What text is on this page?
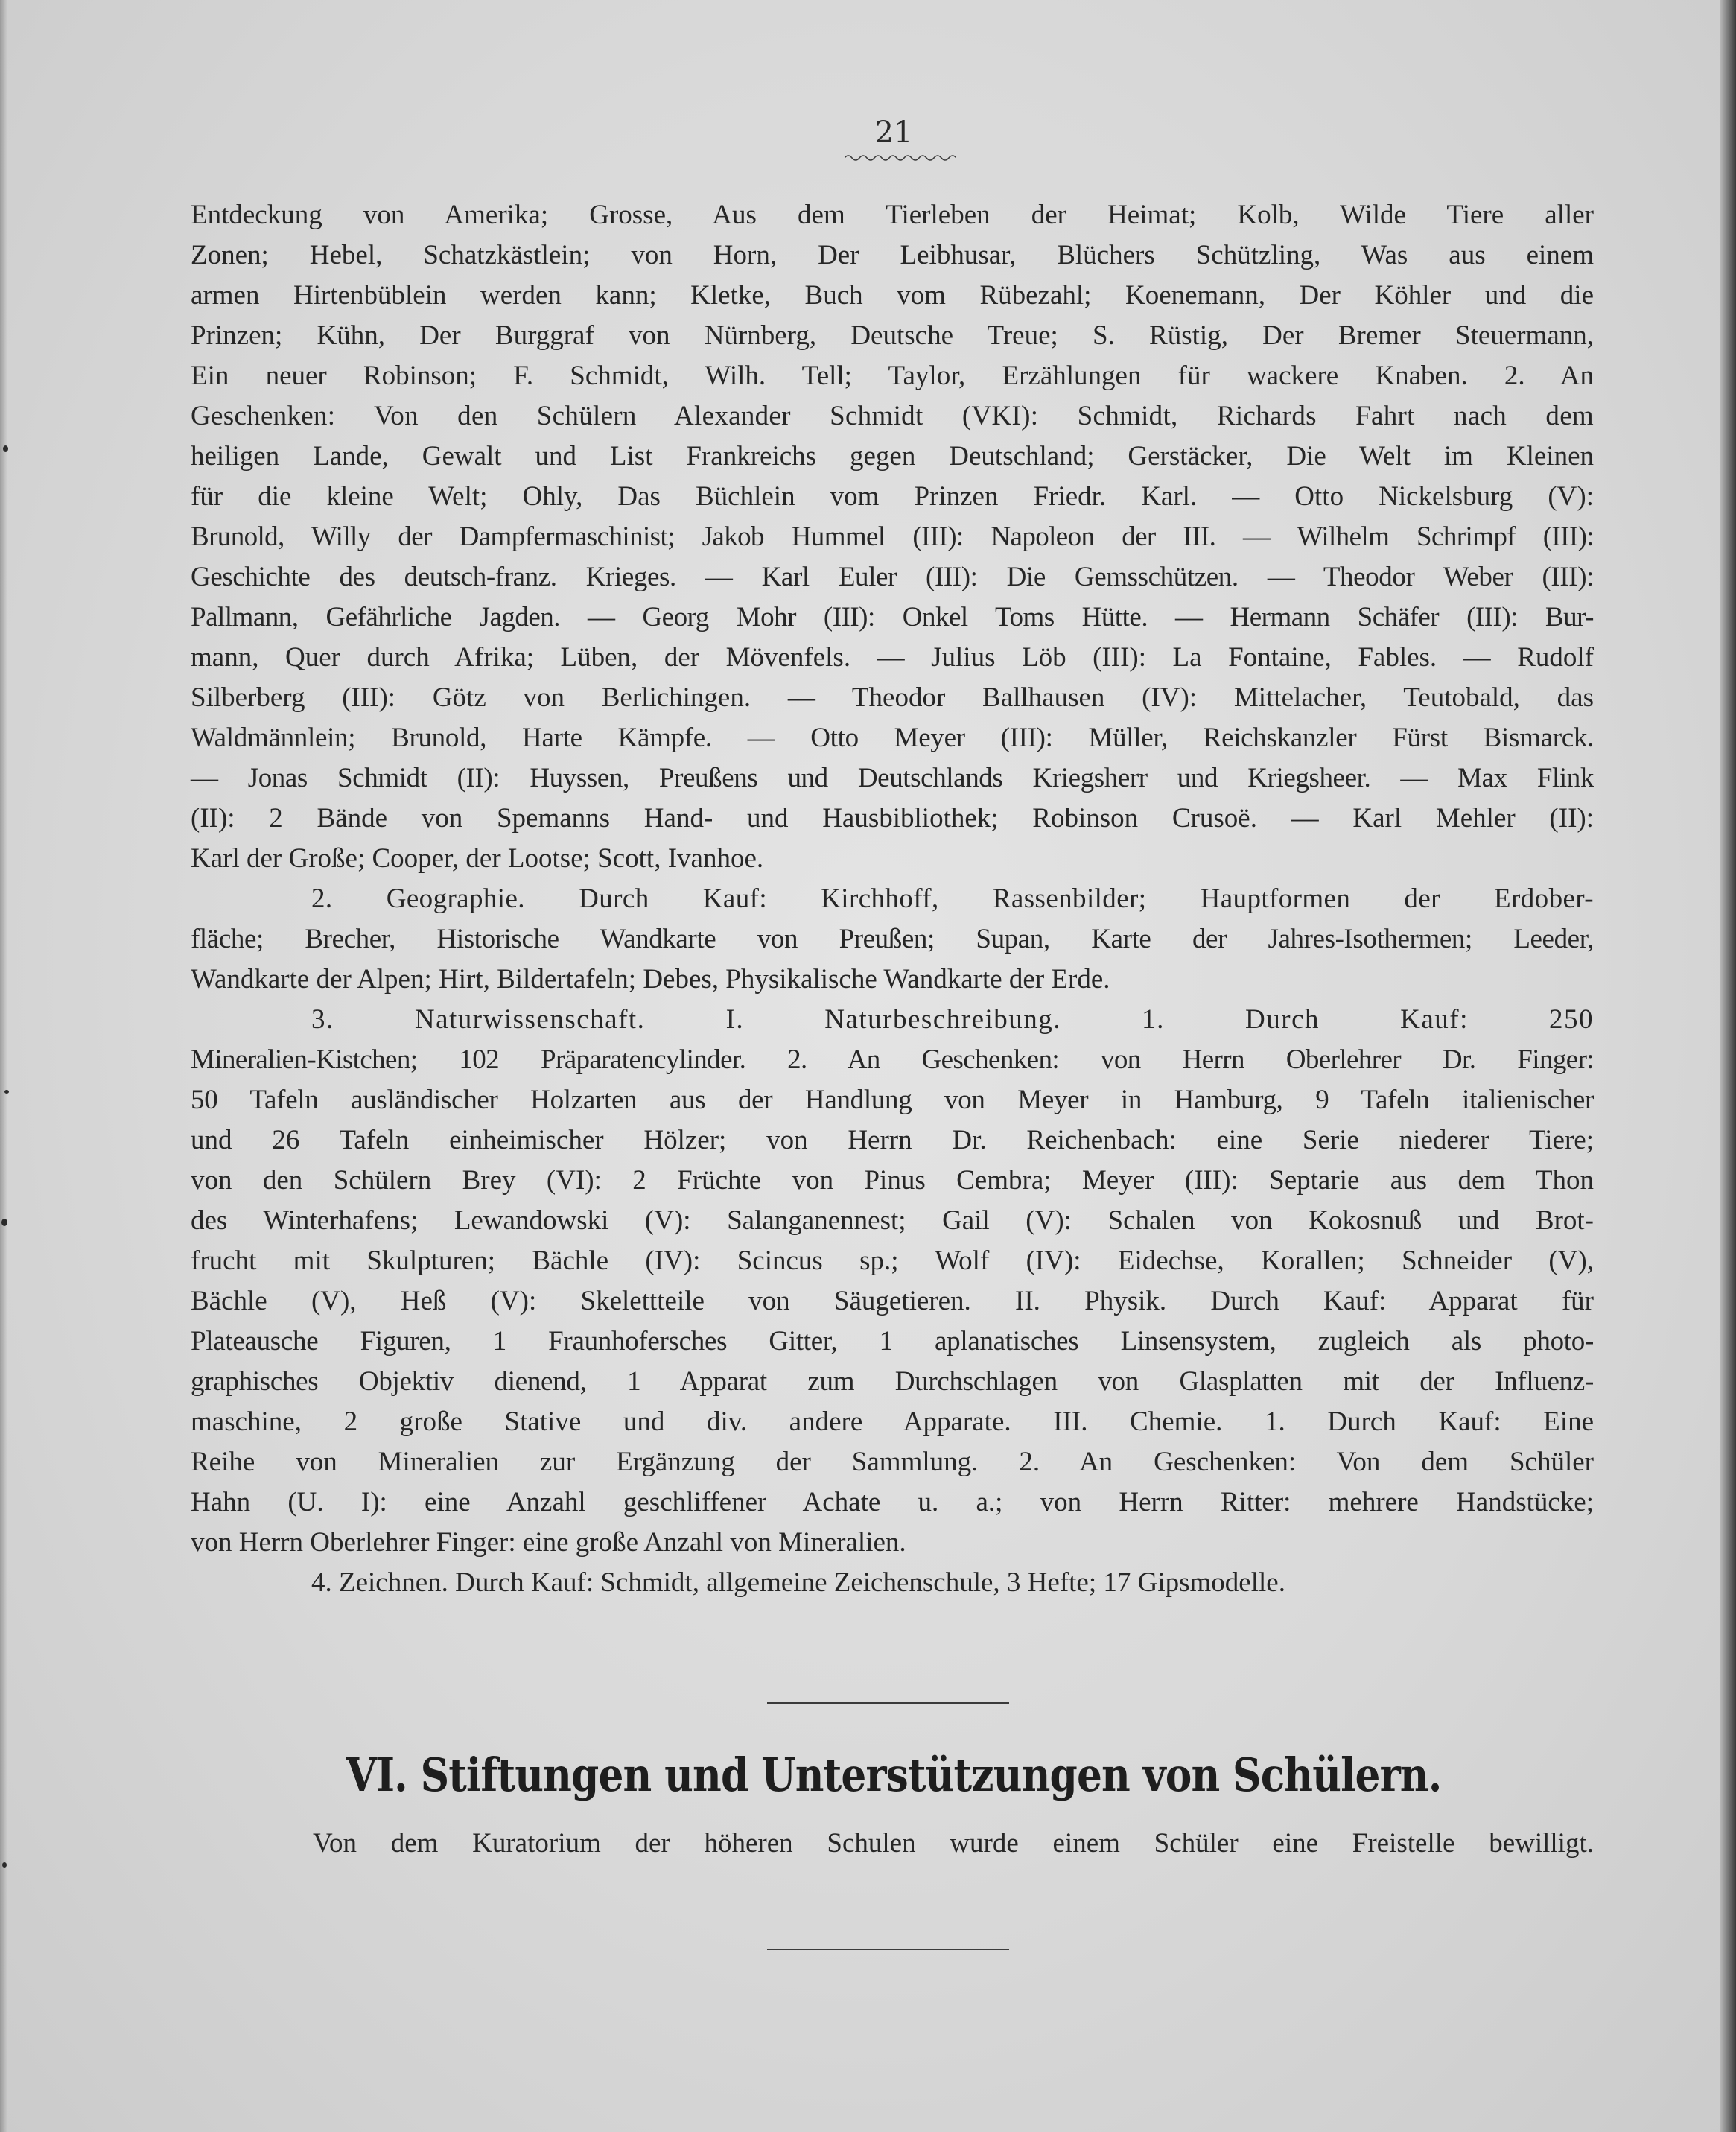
21
Entdeckung von Amerika; Grosse, Aus dem Tierleben der Heimat; Kolb, Wilde Tiere aller
Zonen; Hebel, Schatzkästlein; von Horn, Der Leibhusar, Blüchers Schützling, Was aus einem
armen Hirtenbüblein werden kann; Kletke, Buch vom Rübezahl; Koenemann, Der Köhler und die
Prinzen; Kühn, Der Burggraf von Nürnberg, Deutsche Treue; S. Rüstig, Der Bremer Steuermann,
Ein neuer Robinson; F. Schmidt, Wilh. Tell; Taylor, Erzählungen für wackere Knaben. 2. An
Geschenken: Von den Schülern Alexander Schmidt (VKI): Schmidt, Richards Fahrt nach dem
heiligen Lande, Gewalt und List Frankreichs gegen Deutschland; Gerstäcker, Die Welt im Kleinen
für die kleine Welt; Ohly, Das Büchlein vom Prinzen Friedr. Karl. — Otto Nickelsburg (V):
Brunold, Willy der Dampfermaschinist; Jakob Hummel (III): Napoleon der III. — Wilhelm Schrimpf (III):
Geschichte des deutsch-franz. Krieges. — Karl Euler (III): Die Gemsschützen. — Theodor Weber (III):
Pallmann, Gefährliche Jagden. — Georg Mohr (III): Onkel Toms Hütte. — Hermann Schäfer (III): Bur-
mann, Quer durch Afrika; Lüben, der Mövenfels. — Julius Löb (III): La Fontaine, Fables. — Rudolf
Silberberg (III): Götz von Berlichingen. — Theodor Ballhausen (IV): Mittelacher, Teutobald, das
Waldmännlein; Brunold, Harte Kämpfe. — Otto Meyer (III): Müller, Reichskanzler Fürst Bismarck.
— Jonas Schmidt (II): Huyssen, Preußens und Deutschlands Kriegsherr und Kriegsheer. — Max Flink
(II): 2 Bände von Spemanns Hand- und Hausbibliothek; Robinson Crusoë. — Karl Mehler (II):
Karl der Große; Cooper, der Lootse; Scott, Ivanhoe.
2. Geographie. Durch Kauf: Kirchhoff, Rassenbilder; Hauptformen der Erdober-
fläche; Brecher, Historische Wandkarte von Preußen; Supan, Karte der Jahres-Isothermen; Leeder,
Wandkarte der Alpen; Hirt, Bildertafeln; Debes, Physikalische Wandkarte der Erde.
3. Naturwissenschaft. I. Naturbeschreibung. 1. Durch Kauf: 250
Mineralien-Kistchen; 102 Präparatencylinder. 2. An Geschenken: von Herrn Oberlehrer Dr. Finger:
50 Tafeln ausländischer Holzarten aus der Handlung von Meyer in Hamburg, 9 Tafeln italienischer
und 26 Tafeln einheimischer Hölzer; von Herrn Dr. Reichenbach: eine Serie niederer Tiere;
von den Schülern Brey (VI): 2 Früchte von Pinus Cembra; Meyer (III): Septarie aus dem Thon
des Winterhafens; Lewandowski (V): Salanganennest; Gail (V): Schalen von Kokosnuß und Brot-
frucht mit Skulpturen; Bächle (IV): Scincus sp.; Wolf (IV): Eidechse, Korallen; Schneider (V),
Bächle (V), Heß (V): Skelettteile von Säugetieren. II. Physik. Durch Kauf: Apparat für
Plateausche Figuren, 1 Fraunhofersches Gitter, 1 aplanatisches Linsensystem, zugleich als photo-
graphisches Objektiv dienend, 1 Apparat zum Durchschlagen von Glasplatten mit der Influenz-
maschine, 2 große Stative und div. andere Apparate. III. Chemie. 1. Durch Kauf: Eine
Reihe von Mineralien zur Ergänzung der Sammlung. 2. An Geschenken: Von dem Schüler
Hahn (U. I): eine Anzahl geschliffener Achate u. a.; von Herrn Ritter: mehrere Handstücke;
von Herrn Oberlehrer Finger: eine große Anzahl von Mineralien.
4. Zeichnen. Durch Kauf: Schmidt, allgemeine Zeichenschule, 3 Hefte; 17 Gipsmodelle.
VI. Stiftungen und Unterstützungen von Schülern.
Von dem Kuratorium der höheren Schulen wurde einem Schüler eine Freistelle bewilligt.
